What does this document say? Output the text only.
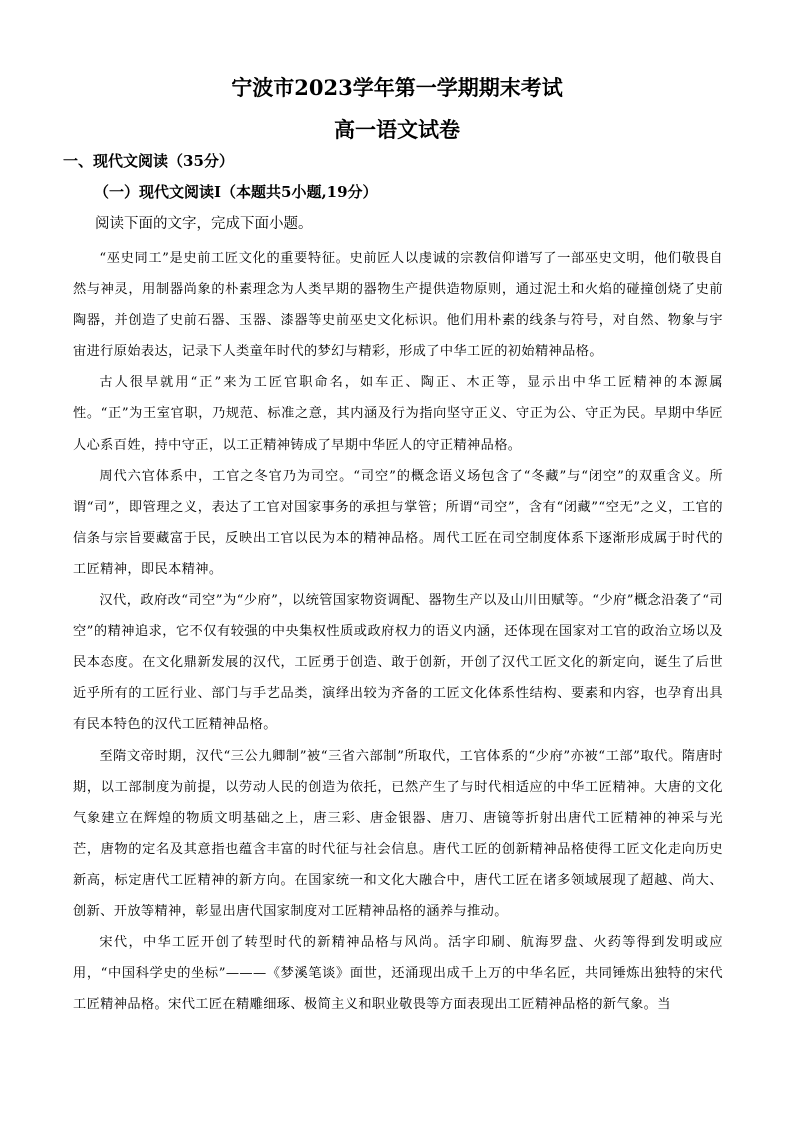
宁波市2023学年第一学期期末考试
高一语文试卷
一、现代文阅读（35分）
（一）现代文阅读Ⅰ（本题共5小题,19分）
阅读下面的文字，完成下面小题。

“巫史同工”是史前工匠文化的重要特征。史前匠人以虔诚的宗教信仰谱写了一部巫史文明，他们敬畏自然与神灵，用制器尚象的朴素理念为人类早期的器物生产提供造物原则，通过泥土和火焰的碰撞创烧了史前陶器，并创造了史前石器、玉器、漆器等史前巫史文化标识。他们用朴素的线条与符号，对自然、物象与宇宙进行原始表达，记录下人类童年时代的梦幻与精彩，形成了中华工匠的初始精神品格。

古人很早就用“正”来为工匠官职命名，如车正、陶正、木正等，显示出中华工匠精神的本源属性。“正”为王室官职，乃规范、标准之意，其内涵及行为指向坚守正义、守正为公、守正为民。早期中华匠人心系百姓，持中守正，以工正精神铸成了早期中华匠人的守正精神品格。

周代六官体系中，工官之冬官乃为司空。“司空”的概念语义场包含了“冬藏”与“闭空”的双重含义。所谓“司”，即管理之义，表达了工官对国家事务的承担与掌管；所谓“司空”，含有“闭藏”“空无”之义，工官的信条与宗旨要藏富于民，反映出工官以民为本的精神品格。周代工匠在司空制度体系下逐渐形成属于时代的工匠精神，即民本精神。

汉代，政府改“司空”为“少府”，以统管国家物资调配、器物生产以及山川田赋等。“少府”概念沿袭了“司空”的精神追求，它不仅有较强的中央集权性质或政府权力的语义内涵，还体现在国家对工官的政治立场以及民本态度。在文化鼎新发展的汉代，工匠勇于创造、敢于创新，开创了汉代工匠文化的新定向，诞生了后世近乎所有的工匠行业、部门与手艺品类，演绎出较为齐备的工匠文化体系性结构、要素和内容，也孕育出具有民本特色的汉代工匠精神品格。

至隋文帝时期，汉代“三公九卿制”被“三省六部制”所取代，工官体系的“少府”亦被“工部”取代。隋唐时期，以工部制度为前提，以劳动人民的创造为依托，已然产生了与时代相适应的中华工匠精神。大唐的文化气象建立在辉煌的物质文明基础之上，唐三彩、唐金银器、唐刀、唐镜等折射出唐代工匠精神的神采与光芒，唐物的定名及其意指也蕴含丰富的时代征与社会信息。唐代工匠的创新精神品格使得工匠文化走向历史新高，标定唐代工匠精神的新方向。在国家统一和文化大融合中，唐代工匠在诸多领域展现了超越、尚大、创新、开放等精神，彰显出唐代国家制度对工匠精神品格的涵养与推动。

宋代，中华工匠开创了转型时代的新精神品格与风尚。活字印刷、航海罗盘、火药等得到发明或应用，“中国科学史的坐标”———《梦溪笔谈》面世，还涌现出成千上万的中华名匠，共同锤炼出独特的宋代工匠精神品格。宋代工匠在精雕细琢、极简主义和职业敬畏等方面表现出工匠精神品格的新气象。当
